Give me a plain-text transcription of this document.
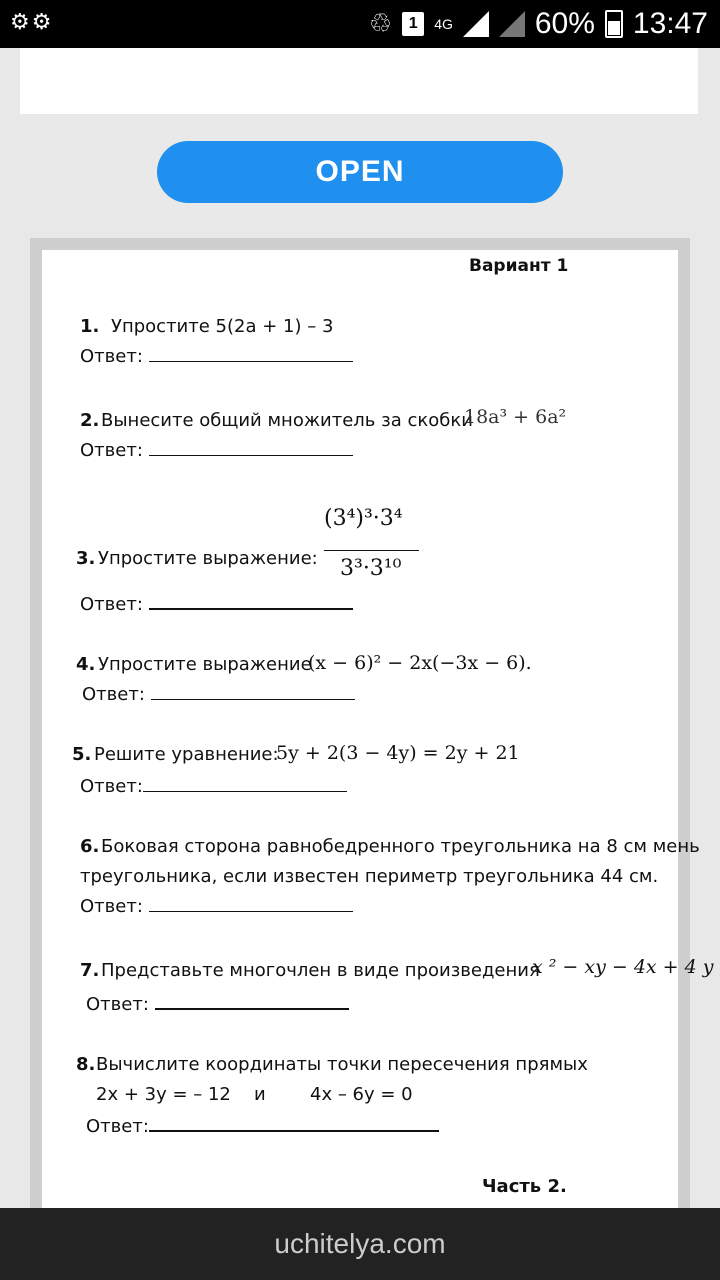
⚙⚙	♲	1	4G	60% 13:47
OPEN
Вариант 1
1. Упростите 5(2а + 1) – 3
Ответ:
2. Вынесите общий множитель за скобки
18a³ + 6a²
Ответ:
3. Упростите выражение:
(3⁴)³·3⁴
3³·3¹⁰
Ответ:
4. Упростите выражение
(x − 6)² − 2x(−3x − 6).
Ответ:
5. Решите уравнение:
5y + 2(3 − 4y) = 2y + 21
Ответ:
6. Боковая сторона равнобедренного треугольника на 8 см мень
треугольника, если известен периметр треугольника 44 см.
Ответ:
7. Представьте многочлен в виде произведения
x ² − xy − 4x + 4 y
Ответ:
8. Вычислите координаты точки пересечения прямых
2х + 3у = – 12 и 4х – 6у = 0
Ответ:
Часть 2.
uchitelya.com
